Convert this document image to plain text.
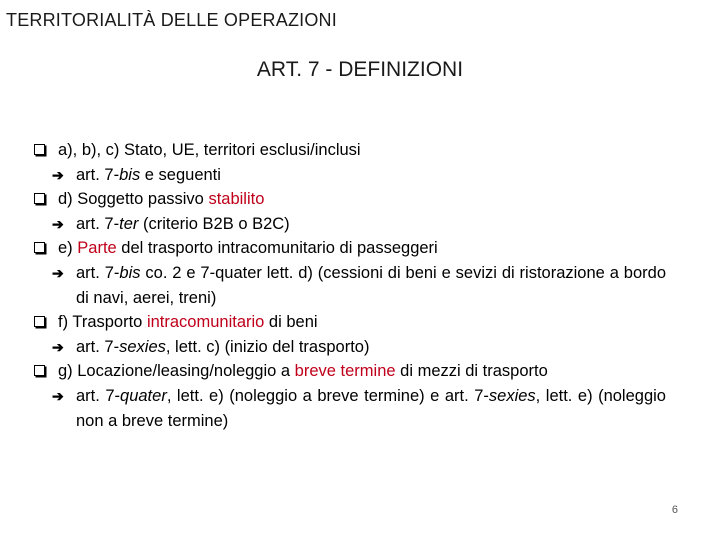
TERRITORIALITÀ DELLE OPERAZIONI
ART. 7 - DEFINIZIONI
a), b), c) Stato, UE, territori esclusi/inclusi
➔ art. 7-bis e seguenti
d) Soggetto passivo stabilito
➔ art. 7-ter (criterio B2B o B2C)
e) Parte del trasporto intracomunitario di passeggeri
➔ art. 7-bis co. 2 e 7-quater lett. d) (cessioni di beni e sevizi di ristorazione a bordo di navi, aerei, treni)
f) Trasporto intracomunitario di beni
➔ art. 7-sexies, lett. c) (inizio del trasporto)
g) Locazione/leasing/noleggio a breve termine di mezzi di trasporto
➔ art. 7-quater, lett. e) (noleggio a breve termine) e art. 7-sexies, lett. e) (noleggio non a breve termine)
6
